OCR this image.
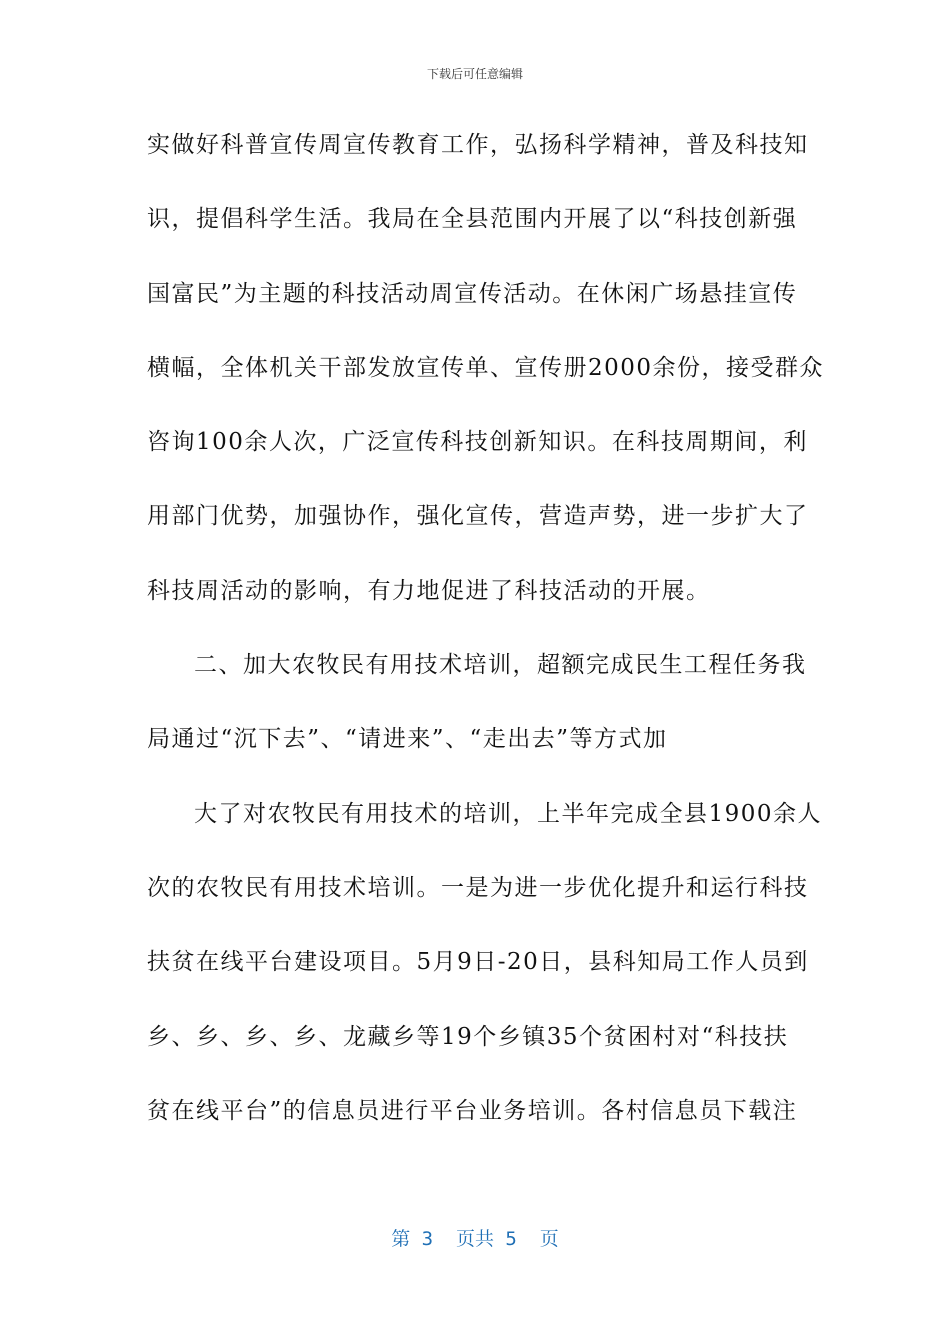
下载后可任意编辑
实做好科普宣传周宣传教育工作，弘扬科学精神，普及科技知
识，提倡科学生活。我局在全县范围内开展了以“科技创新强
国富民”为主题的科技活动周宣传活动。在休闲广场悬挂宣传
横幅，全体机关干部发放宣传单、宣传册2000余份，接受群众
咨询100余人次，广泛宣传科技创新知识。在科技周期间，利
用部门优势，加强协作，强化宣传，营造声势，进一步扩大了
科技周活动的影响，有力地促进了科技活动的开展。
二、加大农牧民有用技术培训，超额完成民生工程任务我
局通过“沉下去”、“请进来”、“走出去”等方式加
大了对农牧民有用技术的培训，上半年完成全县1900余人
次的农牧民有用技术培训。一是为进一步优化提升和运行科技
扶贫在线平台建设项目。5月9日-20日，县科知局工作人员到
乡、乡、乡、乡、龙藏乡等19个乡镇35个贫困村对“科技扶
贫在线平台”的信息员进行平台业务培训。各村信息员下载注
第 3  页共 5  页
